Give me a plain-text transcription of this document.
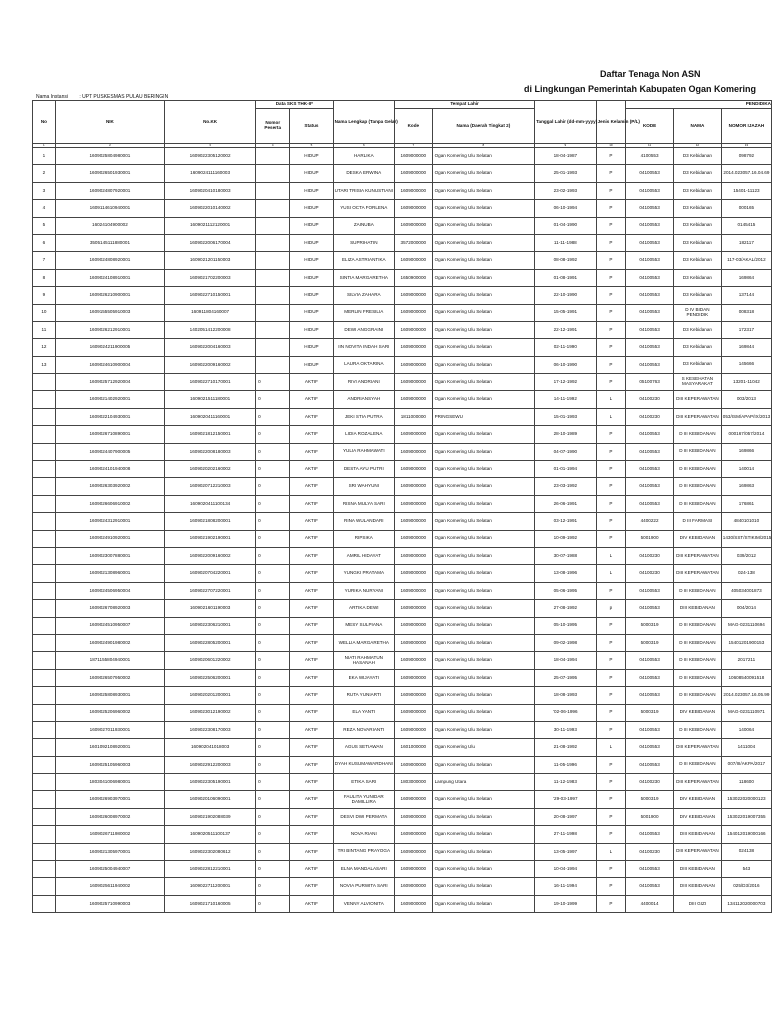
Daftar Tenaga Non ASN
di Lingkungan Pemerintah Kabupaten Ogan Komering
Nama Instansi : UPT PUSKESMAS PULAU BERINGIN
No	NIK	No.KK	Data SKS THK-II*		Nama Lengkap (Tanpa Gelar)	Tempat Lahir		Tanggal Lahir (dd-mm-yyyy)	Jenis Kelamin (P/L)	PENDIDIKA		
			Nomor Peserta	Status		Kode	Nama (Daerah Tingkat 2)			KODE	NAMA	NOMOR IJAZAH
1	2	3	4	5	6	7	8	9	10	11	12	13
1	1609025804980001	1609022305120002		HIDUP	HARLIKA	1609000000	Ogan Komering Ulu Selatan	18-04-1987	P	4100553	D3 Kebidanan	098792
2	1609026501930001	1609024111160003		HIDUP	DESKA ERWINA	1609000000	Ogan Komering Ulu Selatan	25-01-1993	P	04100553	D3 Kebidanan	2014.023057.16.04.69
3	1609024807920001	1609020410180003		HIDUP	UTARI TRISIA KUNUSTIANI	1609000000	Ogan Komering Ulu Selatan	23-02-1993	P	04100553	D3 Kebidanan	15401-11123
4	1609114610940001	1609022010140002		HIDUP	YUSI OCTA FORLENA	1609000000	Ogan Komering Ulu Selatan	06-10-1994	P	04100553	D3 Kebidanan	000165
5	16024104900002	1609021112120001		HIDUP	ZAINUBA	1609000000	Ogan Komering Ulu Selatan	01-04-1990	P	04100553	D3 Kebidanan	0145415
6	3505145111880001	1609022006170004		HIDUP	SUPRIHATIN	3572000000	Ogan Komering Ulu Selatan	11-11-1988	P	04100553	D3 Kebidanan	182117
7	1609024808920001	1609021201150003		HIDUP	ELIZA ASTRIANTIKA	1609000000	Ogan Komering Ulu Selatan	08-08-1992	P	04100553	D3 Kebidanan	117-03/AKAL/2012
8	1609024108910001	1609021702200003		HIDUP	SINTIA MARGARETHA	1650900000	Ogan Komering Ulu Selatan	01-08-1991	P	04100553	D3 Kebidanan	169864
9	1609026210900001	1609022710150001		HIDUP	SILVIA ZAHARA	1609000000	Ogan Komering Ulu Selatan	22-10-1990	P	04100553	D3 Kebidanan	137144
10	1609155505910003	160911804160007		HIDUP	MERLIN FRESILIA	1609000000	Ogan Komering Ulu Selatan	15-05-1991	P	04100553	D IV BIDAN PENDIDIK	008318
11	1609026212910001	1402051412200008		HIDUP	DEWI ANGGRAINI	1609000000	Ogan Komering Ulu Selatan	22-12-1991	P	04100553	D3 Kebidanan	172317
12	1609024211900005	1609022004160003		HIDUP	IIN NOVITA INDAH SARI	1609000000	Ogan Komering Ulu Selatan	02-11-1990	P	04100553	D3 Kebidanan	169844
13	1609024610900004	1609022009160002		HIDUP	LAURA OKTARINA	1609000000	Ogan Komering Ulu Selatan	06-10-1990	P	04100553	D3 Kebidanan	145666
	1609025712920004	1609022710170001	0	AKTIF	RIVI ANDRIANI	1609000000	Ogan Komering Ulu Selatan	17-12-1992	P	05100763	S KESEHATAN MASYARAKAT	13201-11042
	1609021402920001	1609021511180001	0	AKTIF	ANDRIANSYAH	1609000000	Ogan Komering Ulu Selatan	14-11-1992	L	04100230	DIII KEPERAWATAN	003/2013
	1609022104930001	1609020411160001	0	AKTIF	JEKI STIA PUTRA	1811000000	PRINGSEWU	15-01-1993	L	04100230	DIII KEPERAWATAN	053/ISM/APAP/IX/2013
	1609026710890001	1609021812150001	0	AKTIF	LIDIA ROZALENA	1609000000	Ogan Komering Ulu Selatan	28-10-1989	P	04100553	D III KEBIDANAN	000167/057/2014
	1609024407900005	1609022008180003	0	AKTIF	YULIA RAHMAWATI	1609000000	Ogan Komering Ulu Selatan	04-07-1990	P	04100553	D III KEBIDANAN	169866
	1609024101940008	1609020202160002	0	AKTIF	DESTA AYU PUTRI	1609000000	Ogan Komering Ulu Selatan	01-01-1994	P	04100553	D III KEBIDANAN	140014
	1609026303920002	1609020712210003	0	AKTIF	SRI WAHYUNI	1609000000	Ogan Komering Ulu Selatan	23-03-1992	P	04100553	D III KEBIDANAN	169863
	1609026606910002	1609020411100134	0	AKTIF	RISNA MULYA SARI	1609000000	Ogan Komering Ulu Selatan	26-06-1991	P	04100553	D III KEBIDANAN	176861
	1609024312910001	1609021808200001	0	AKTIF	RINA WULANDARI	1609000000	Ogan Komering Ulu Selatan	03-12-1991	P	4400222	D III FARMASI	4840101010
	1609024910920001	1609021902190001	0	AKTIF	RIPSIKA	1609000000	Ogan Komering Ulu Selatan	10-09-1992	P	5001900	DIV KEBIDANAN	1430/SST/STIKIM/2015
	1609023007880001	1609022009160002	0	AKTIF	AMRIL HIDAYAT	1609000000	Ogan Komering Ulu Selatan	30-07-1988	L	04100230	DIII KEPERAWATAN	039/2012
	1609021308960001	1609020704220001	0	AKTIF	YUNGKI PRATAMA	1609000000	Ogan Komering Ulu Selatan	13-08-1996	L	04100230	DIII KEPERAWATAN	024-138
	1609024506950004	1609022707220001	0	AKTIF	YURIKA NURYANI	1609000000	Ogan Komering Ulu Selatan	05-06-1995	P	04100553	D III KEBIDANAN	405034001873
	1609026708920003	1609021601190003	0	AKTIF	ARTIKA DEWI	1609000000	Ogan Komering Ulu Selatan	27-08-1992	p	04100553	DIII KEBIDANAN	004/2014
	1609024510950007	1609022306210001	0	AKTIF	MESY SULPIANA	1609000000	Ogan Komering Ulu Selatan	05-10-1995	P	5000319	D III KEBIDANAN	MAG-0231110694
	1609024901980002	1609022805200001	0	AKTIF	WELLIA MARGARETHA	1609000000	Ogan Komering Ulu Selatan	09-02-1998	P	5000319	D III KEBIDANAN	15401201900153
	1871155804940001	1609020601220002	0	AKTIF	NIATI RAHMATUN HASANAH	1609000000	Ogan Komering Ulu Selatan	18-04-1994	P	04100553	D III KEBIDANAN	2017211
	1609026507950002	1609022506200001	0	AKTIF	EKA WIJAYATI	1609000000	Ogan Komering Ulu Selatan	25-07-1995	P	04100553	D III KEBIDANAN	10608540091518
	1609025808930001	1609020201200001	0	AKTIF	RUTA YUNIARTI	1609000000	Ogan Komering Ulu Selatan	18-08-1993	P	04100553	D III KEBIDANAN	2014.023057.16.05.99
	1609025206960002	1609023012190002	0	AKTIF	ELA YANTI	1609000000	Ogan Komering Ulu Selatan	'02-06-1996	P	5000319	DIV KEBIDANAN	MAG-0231110971
	1609027011930001	1609022308170003	0	AKTIF	REZA NOVARIANTI	1609000000	Ogan Komering Ulu Selatan	30-11-1993	P	04100553	D III KEBIDANAN	140064
	1601092108920001	160902041018003	0	AKTIF	AGUS SETIAWAN	1601000000	Ogan Komering Ulu	21-08-1992	L	04100553	DIII KEPERAWATAN	1411004
	1609025105960003	1609022912200003	0	AKTIF	DYAH KUSUMAWARDHANI	1609000000	Ogan Komering Ulu Selatan	11-05-1996	P	04100553	D III KEBIDANAN	007/III/AKPA/2017
	1803041006980001	1609022305190001	0	AKTIF	ETIKA SARI	1803000000	Lampung Utara	11-12-1983	P	04100230	DIII KEPERAWATAN	118600
	1609026903970001	1609020106090001	0	AKTIF	FAULITA YUNIDAR DAMILLIRA	1609000000	Ogan Komering Ulu Selatan	'29-03-1997	P	5000319	DIV KEBIDANAN	153022020000123
	1609026008970002	1609021902088039	0	AKTIF	DESVI DWI PERMATA	1609000000	Ogan Komering Ulu Selatan	20-08-1997	P	5001900	DIV KEBIDANAN	153022019007355
	1609026711980002	1609020511100137	0	AKTIF	NOVA RIANI	1609000000	Ogan Komering Ulu Selatan	27-11-1998	P	04100553	DIII KEBIDANAN	154012019000166
	1609021305970001	1609022302080612	0	AKTIF	TRI BINTANG PRAYOGA	1609000000	Ogan Komering Ulu Selatan	13-05-1997	L	04100230	DIII KEPERAWATAN	024138
	1609025004940007	1609022812210001	0	AKTIF	ELNA MANDALASARI	1609000000	Ogan Komering Ulu Selatan	10-04-1994	P	04100553	DIII KEBIDANAN	543
	1609025611940002	1609022711200001	0	AKTIF	NOVIA PURWITA SARI	1609000000	Ogan Komering Ulu Selatan	16-11-1994	P	04100553	DIII KEBIDANAN	025/D3/2016
	1609025710990003	1609021710160005	0	AKTIF	VENNY ALVIONITA	1609000000	Ogan Komering Ulu Selatan	19-10-1999	P	4400014	DIII GIZI	134112020000703
